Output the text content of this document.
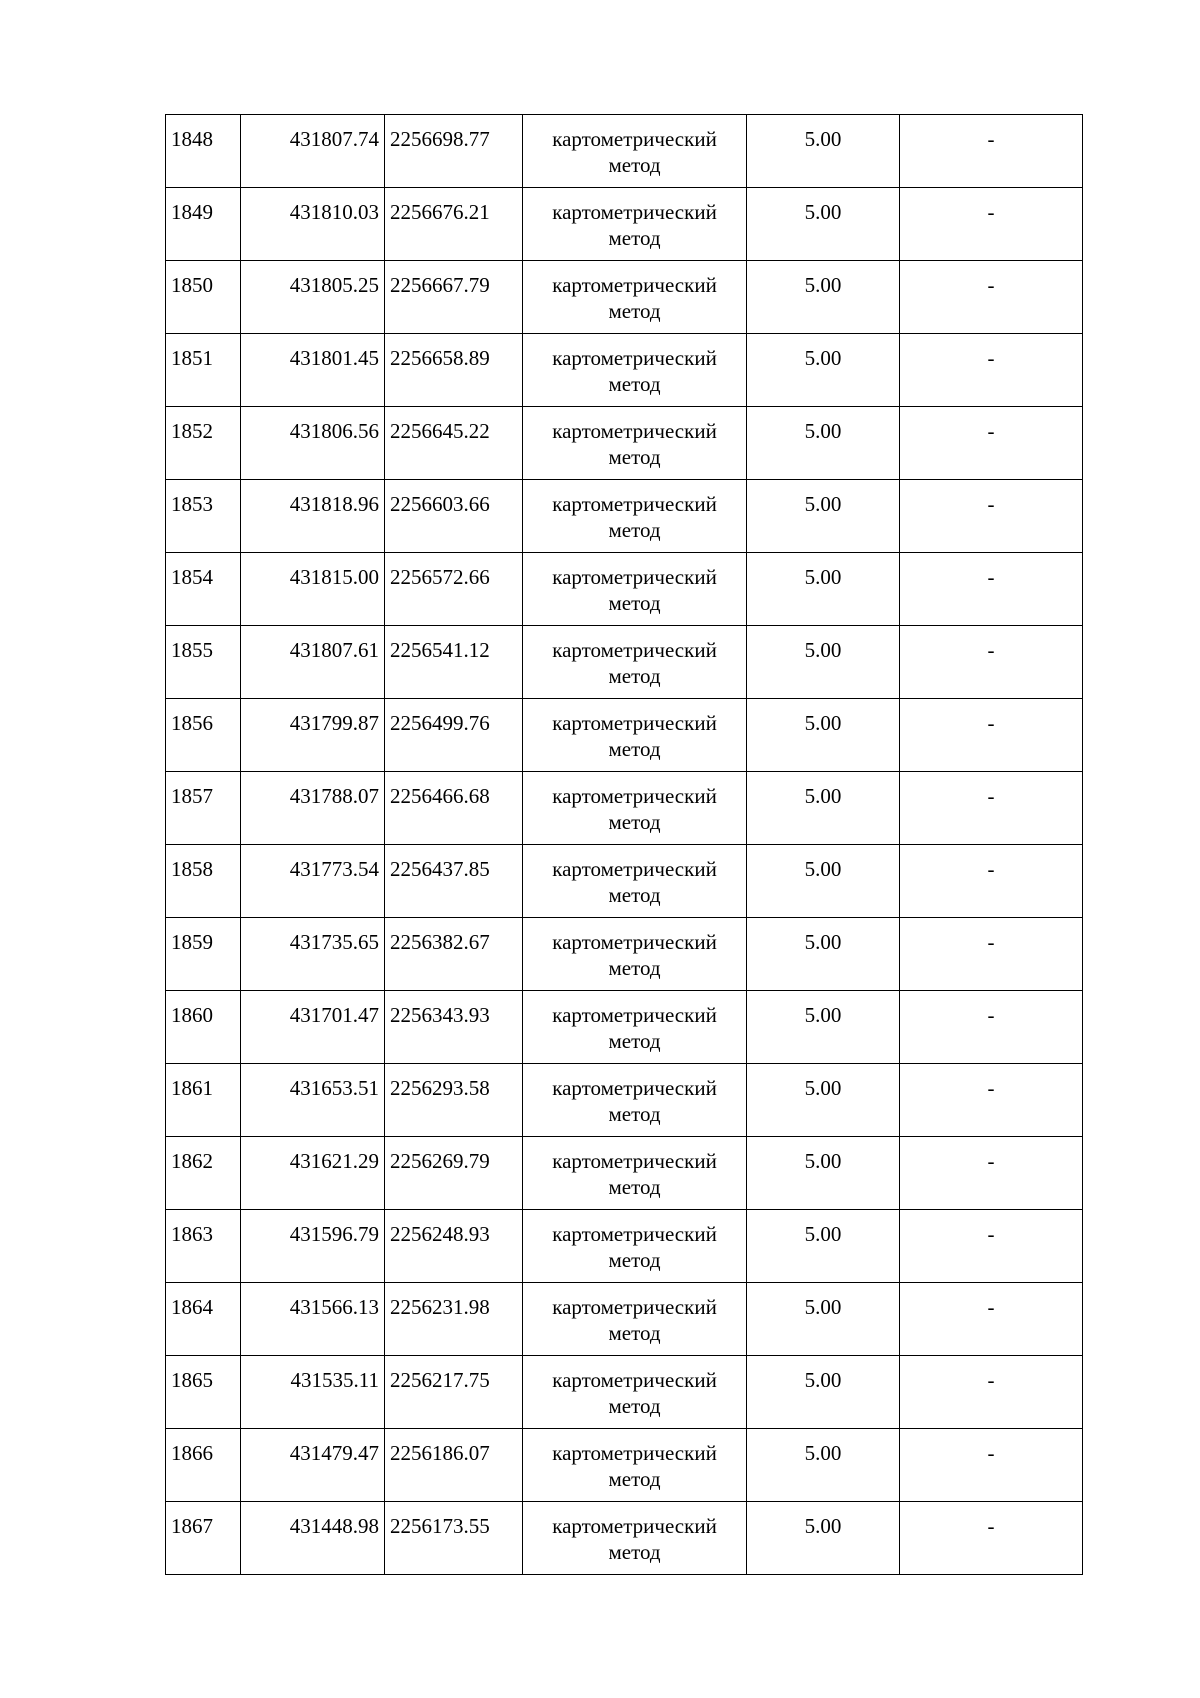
1848	431807.74	2256698.77	картометрический метод	5.00	-
1849	431810.03	2256676.21	картометрический метод	5.00	-
1850	431805.25	2256667.79	картометрический метод	5.00	-
1851	431801.45	2256658.89	картометрический метод	5.00	-
1852	431806.56	2256645.22	картометрический метод	5.00	-
1853	431818.96	2256603.66	картометрический метод	5.00	-
1854	431815.00	2256572.66	картометрический метод	5.00	-
1855	431807.61	2256541.12	картометрический метод	5.00	-
1856	431799.87	2256499.76	картометрический метод	5.00	-
1857	431788.07	2256466.68	картометрический метод	5.00	-
1858	431773.54	2256437.85	картометрический метод	5.00	-
1859	431735.65	2256382.67	картометрический метод	5.00	-
1860	431701.47	2256343.93	картометрический метод	5.00	-
1861	431653.51	2256293.58	картометрический метод	5.00	-
1862	431621.29	2256269.79	картометрический метод	5.00	-
1863	431596.79	2256248.93	картометрический метод	5.00	-
1864	431566.13	2256231.98	картометрический метод	5.00	-
1865	431535.11	2256217.75	картометрический метод	5.00	-
1866	431479.47	2256186.07	картометрический метод	5.00	-
1867	431448.98	2256173.55	картометрический метод	5.00	-
